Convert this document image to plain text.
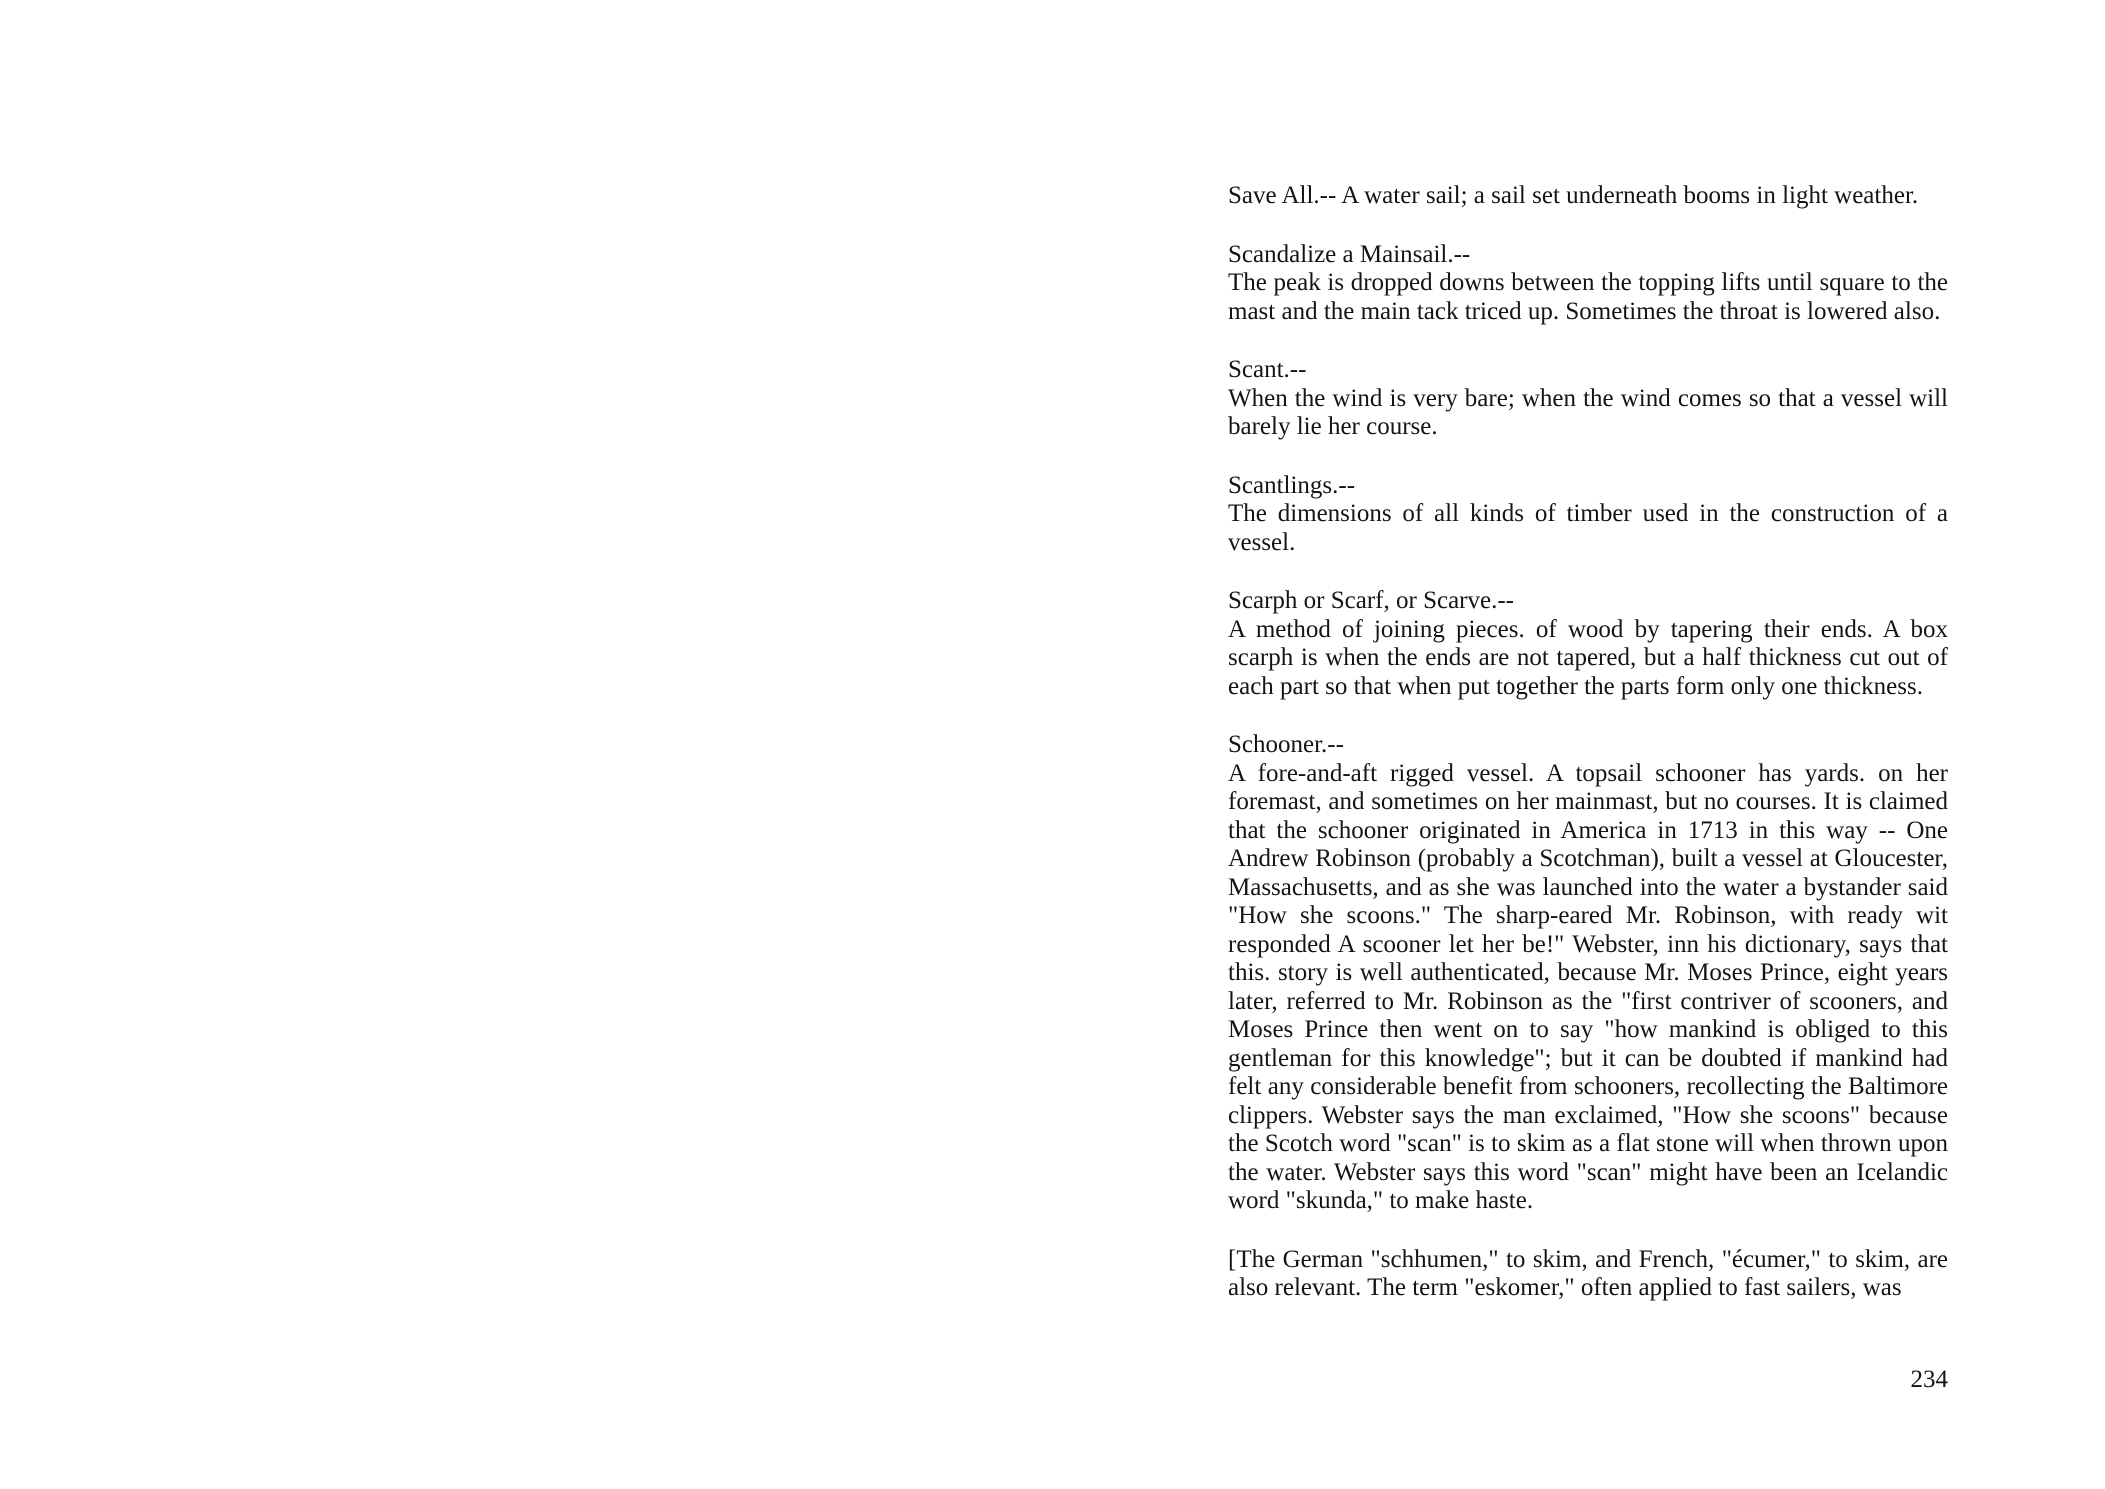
Save All.-- A water sail; a sail set underneath booms in light weather.

Scandalize a Mainsail.--
The peak is dropped downs between the topping lifts until square to the mast and the main tack triced up. Sometimes the throat is lowered also.

Scant.--
When the wind is very bare; when the wind comes so that a vessel will barely lie her course.

Scantlings.--
The dimensions of all kinds of timber used in the construction of a vessel.

Scarph or Scarf, or Scarve.--
A method of joining pieces. of wood by tapering their ends. A box scarph is when the ends are not tapered, but a half thickness cut out of each part so that when put together the parts form only one thickness.

Schooner.--
A fore-and-aft rigged vessel. A topsail schooner has yards. on her foremast, and sometimes on her mainmast, but no courses. It is claimed that the schooner originated in America in 1713 in this way -- One Andrew Robinson (probably a Scotchman), built a vessel at Gloucester, Massachusetts, and as she was launched into the water a bystander said "How she scoons." The sharp-eared Mr. Robinson, with ready wit responded A scooner let her be!" Webster, inn his dictionary, says that this. story is well authenticated, because Mr. Moses Prince, eight years later, referred to Mr. Robinson as the "first contriver of scooners, and Moses Prince then went on to say "how mankind is obliged to this gentleman for this knowledge"; but it can be doubted if mankind had felt any considerable benefit from schooners, recollecting the Baltimore clippers. Webster says the man exclaimed, "How she scoons" because the Scotch word "scan" is to skim as a flat stone will when thrown upon the water. Webster says this word "scan" might have been an Icelandic word "skunda," to make haste.

[The German "schhumen," to skim, and French, "écumer," to skim, are also relevant. The term "eskomer," often applied to fast sailers, was

234
